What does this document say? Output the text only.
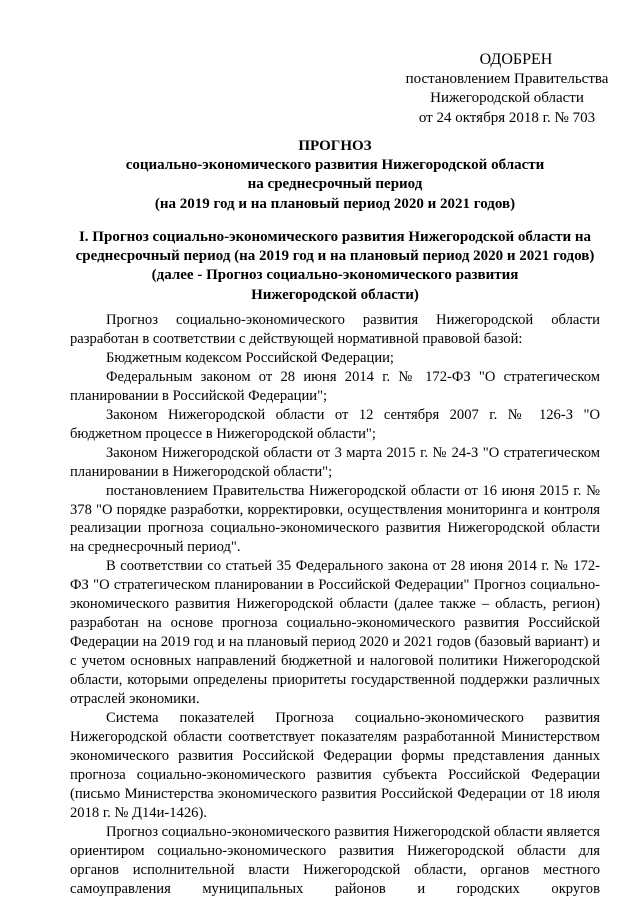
ОДОБРЕН
постановлением Правительства
Нижегородской области
от 24 октября 2018 г. № 703
ПРОГНОЗ
социально-экономического развития Нижегородской области
на среднесрочный период
(на 2019 год и на плановый период 2020 и 2021 годов)
I. Прогноз социально-экономического развития Нижегородской области на
среднесрочный период (на 2019 год и на плановый период 2020 и 2021 годов)
(далее - Прогноз социально-экономического развития
Нижегородской области)

Прогноз социально-экономического развития Нижегородской области разработан в соответствии с действующей нормативной правовой базой:

Бюджетным кодексом Российской Федерации;

Федеральным законом от 28 июня 2014 г. № 172-ФЗ "О стратегическом планировании в Российской Федерации";

Законом Нижегородской области от 12 сентября 2007 г. № 126-З "О бюджетном процессе в Нижегородской области";

Законом Нижегородской области от 3 марта 2015 г. № 24-З "О стратегическом планировании в Нижегородской области";

постановлением Правительства Нижегородской области от 16 июня 2015 г. № 378 "О порядке разработки, корректировки, осуществления мониторинга и контроля реализации прогноза социально-экономического развития Нижегородской области на среднесрочный период".

В соответствии со статьей 35 Федерального закона от 28 июня 2014 г. № 172-ФЗ "О стратегическом планировании в Российской Федерации" Прогноз социально-экономического развития Нижегородской области (далее также – область, регион) разработан на основе прогноза социально-экономического развития Российской Федерации на 2019 год и на плановый период 2020 и 2021 годов (базовый вариант) и с учетом основных направлений бюджетной и налоговой политики Нижегородской области, которыми определены приоритеты государственной поддержки различных отраслей экономики.

Система показателей Прогноза социально-экономического развития Нижегородской области соответствует показателям разработанной Министерством экономического развития Российской Федерации формы представления данных прогноза социально-экономического развития субъекта Российской Федерации (письмо Министерства экономического развития Российской Федерации от 18 июля 2018 г. № Д14и-1426).

Прогноз социально-экономического развития Нижегородской области является ориентиром социально-экономического развития Нижегородской области для органов исполнительной власти Нижегородской области, органов местного самоуправления муниципальных районов и городских округов
